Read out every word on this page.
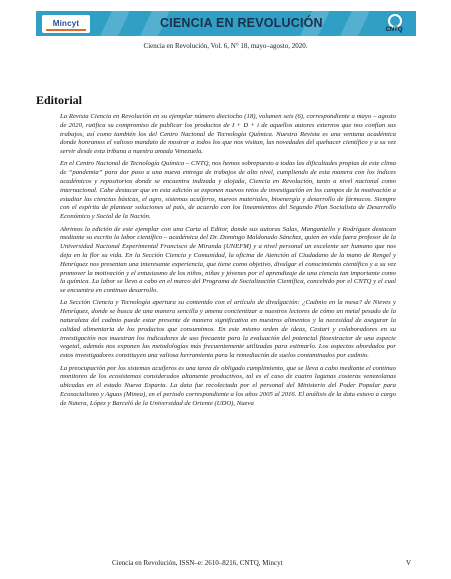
Mincyt	CIENCIA EN REVOLUCIÓN	CNTQ
Ciencia en Revolución, Vol. 6, N° 18, mayo–agosto, 2020.
Editorial

La Revista Ciencia en Revolución en su ejemplar número dieciocho (18), volumen seis (6), correspondiente a mayo – agosto de 2020, ratifica su compromiso de publicar los productos de I + D + i de aquellos autores externos que nos confían sus trabajos, así como también los del Centro Nacional de Tecnología Química. Nuestra Revista es una ventana académica donde honramos el valioso mandato de mostrar a todos los que nos visitan, las novedades del quehacer científico y a su vez servir desde esta tribuna a nuestra amada Venezuela.

En el Centro Nacional de Tecnología Química – CNTQ, nos hemos sobrepuesto a todas las dificultades propias de este clima de “pandemia” para dar paso a una nueva entrega de trabajos de alto nivel, cumpliendo de esta manera con los índices académicos y repositorios donde se encuentra indizada y alojada, Ciencia en Revolución, tanto a nivel nacional como internacional. Cabe destacar que en esta edición se exponen nuevos retos de investigación en los campos de la motivación a estudiar las ciencias básicas, el agro, sistemas acuíferos, nuevos materiales, bioenergía y desarrollo de fármacos. Siempre con el espíritu de plantear soluciones al país, de acuerdo con los lineamientos del Segundo Plan Socialista de Desarrollo Económico y Social de la Nación.

Abrimos la edición de este ejemplar con una Carta al Editor, donde sus autoras Salas, Manganiello y Rodríguez destacan mediante su escrito la labor científico – académica del Dr. Domingo Maldonado Sánchez, quien en vida fuera profesor de la Universidad Nacional Experimental Francisco de Miranda (UNEFM) y a nivel personal un excelente ser humano que nos deja en la flor su vida. En la Sección Ciencia y Comunidad, la oficina de Atención al Ciudadano de la mano de Rengel y Henríquez nos presentan una interesante experiencia, que tiene como objetivo, divulgar el conocimiento científico y a su vez promover la motivación y el entusiasmo de los niños, niñas y jóvenes por el aprendizaje de una ciencia tan importante como la química. La labor se llevo a cabo en el marco del Programa de Socialización Científica, concebido por el CNTQ y el cual se encuentra en continuo desarrollo.

La Sección Ciencia y Tecnología apertura su contenido con el artículo de divulgación: ¿Cadmio en la mesa? de Nieves y Henríquez, donde se busca de una manera sencilla y amena concientizar a nuestros lectores de cómo un metal pesado de la naturaleza del cadmio puede estar presente de manera significativa en nuestros alimentos y la necesidad de asegurar la calidad alimentaria de los productos que consumimos. En este mismo orden de ideas, Cestari y colaboradores en su investigación nos muestran los indicadores de uso frecuente para la evaluación del potencial fitoextractor de una especie vegetal, además nos exponen las metodologías más frecuentemente utilizadas para estimarlo. Los aspectos abordados por estos investigadores constituyen una valiosa herramienta para la remediación de suelos contaminados por cadmio.

La preocupación por los sistemas acuíferos es una tarea de obligado cumplimiento, que se lleva a cabo mediante el continuo monitoreo de los ecosistemas considerados altamente productivos, tal es el caso de cuatro lagunas costeras venezolanas ubicadas en el estado Nueva Esparta. La data fue recolectada por el personal del Ministerio del Poder Popular para Ecosocialismo y Aguas (Minea), en el periodo correspondiente a los años 2005 al 2016. El análisis de la data estuvo a cargo de Natera, López y Barceló de la Universidad de Oriente (UDO), Nueva

Ciencia en Revolución, ISSN–e: 2610–8216, CNTQ, Mincyt	V
